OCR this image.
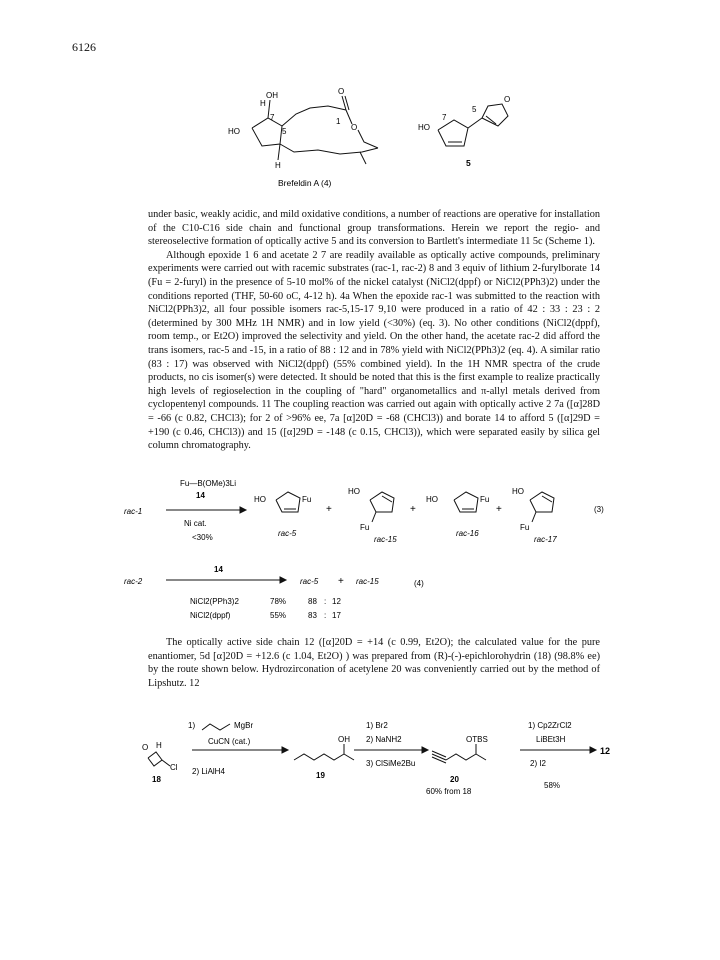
6126
OH
H
HO
H
O
O
7
5
1
HO
7
5
O
Brefeldin A (4)
5

under basic, weakly acidic, and mild oxidative conditions, a number of reactions are operative for installation of the C10-C16 side chain and functional group transformations. Herein we report the regio- and stereoselective formation of optically active 5 and its conversion to Bartlett's intermediate 11 5c (Scheme 1).

Although epoxide 1 6 and acetate 2 7 are readily available as optically active compounds, preliminary experiments were carried out with racemic substrates (rac-1, rac-2) 8 and 3 equiv of lithium 2-furylborate 14 (Fu = 2-furyl) in the presence of 5-10 mol% of the nickel catalyst (NiCl2(dppf) or NiCl2(PPh3)2) under the conditions reported (THF, 50-60 oC, 4-12 h). 4a When the epoxide rac-1 was submitted to the reaction with NiCl2(PPh3)2, all four possible isomers rac-5,15-17 9,10 were produced in a ratio of 42 : 33 : 23 : 2 (determined by 300 MHz 1H NMR) and in low yield (<30%) (eq. 3). No other conditions (NiCl2(dppf), room temp., or Et2O) improved the selectivity and yield. On the other hand, the acetate rac-2 did afford the trans isomers, rac-5 and -15, in a ratio of 88 : 12 and in 78% yield with NiCl2(PPh3)2 (eq. 4). A similar ratio (83 : 17) was observed with NiCl2(dppf) (55% combined yield). In the 1H NMR spectra of the crude products, no cis isomer(s) were detected. It should be noted that this is the first example to realize practically high levels of regioselection in the coupling of "hard" organometallics and π-allyl metals derived from cyclopentenyl compounds. 11 The coupling reaction was carried out again with optically active 2 7a ([α]28D = -66 (c 0.82, CHCl3); for 2 of >96% ee, 7a [α]20D = -68 (CHCl3)) and borate 14 to afford 5 ([α]29D = +190 (c 0.46, CHCl3)) and 15 ([α]29D = -148 (c 0.15, CHCl3)), which were separated easily by silica gel column chromatography.

Fu—B(OMe)3Li
14
rac-1
Ni cat.
<30%
HO	Fu
rac-5
+
HO
Fu
rac-15
+
HO	Fu
rac-16
+
HO
Fu
rac-17
(3)
14
rac-2	rac-5 + rac-15	(4)
NiCl2(PPh3)2	78%	88 : 12
NiCl2(dppf)	55%	83 : 17

The optically active side chain 12 ([α]20D = +14 (c 0.99, Et2O); the calculated value for the pure enantiomer, 5d [α]20D = +12.6 (c 1.04, Et2O) ) was prepared from (R)-(-)-epichlorohydrin (18) (98.8% ee) by the route shown below. Hydrozirconation of acetylene 20 was conveniently carried out by the method of Lipshutz. 12

1)	MgBr
CuCN (cat.)
2) LiAlH4
O H
Cl
18
OH
19
1) Br2
2) NaNH2
3) ClSiMe2Bu
OTBS
20
60% from 18
1) Cp2ZrCl2
LiBEt3H
2) I2
58%
12
